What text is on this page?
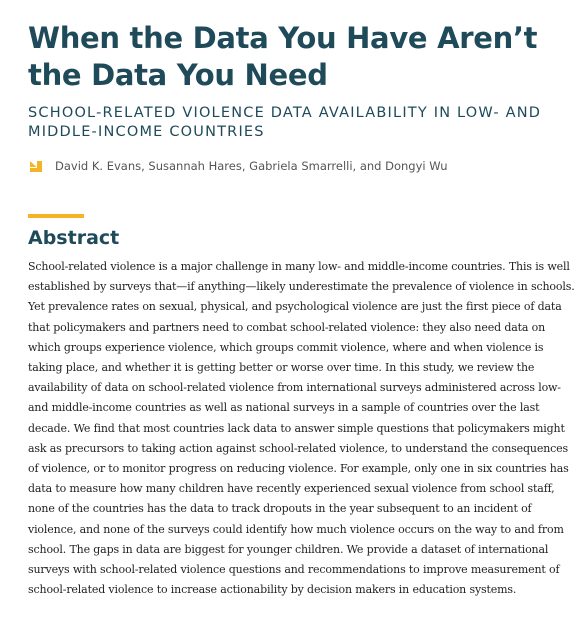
When the Data You Have Aren’t the Data You Need
SCHOOL-RELATED VIOLENCE DATA AVAILABILITY IN LOW- AND MIDDLE-INCOME COUNTRIES
David K. Evans, Susannah Hares, Gabriela Smarrelli, and Dongyi Wu
Abstract

School-related violence is a major challenge in many low- and middle-income countries. This is well established by surveys that—if anything—likely underestimate the prevalence of violence in schools. Yet prevalence rates on sexual, physical, and psychological violence are just the first piece of data that policymakers and partners need to combat school-related violence: they also need data on which groups experience violence, which groups commit violence, where and when violence is taking place, and whether it is getting better or worse over time. In this study, we review the availability of data on school-related violence from international surveys administered across low- and middle-income countries as well as national surveys in a sample of countries over the last decade. We find that most countries lack data to answer simple questions that policymakers might ask as precursors to taking action against school-related violence, to understand the consequences of violence, or to monitor progress on reducing violence. For example, only one in six countries has data to measure how many children have recently experienced sexual violence from school staff, none of the countries has the data to track dropouts in the year subsequent to an incident of violence, and none of the surveys could identify how much violence occurs on the way to and from school. The gaps in data are biggest for younger children. We provide a dataset of international surveys with school-related violence questions and recommendations to improve measurement of school-related violence to increase actionability by decision makers in education systems.
